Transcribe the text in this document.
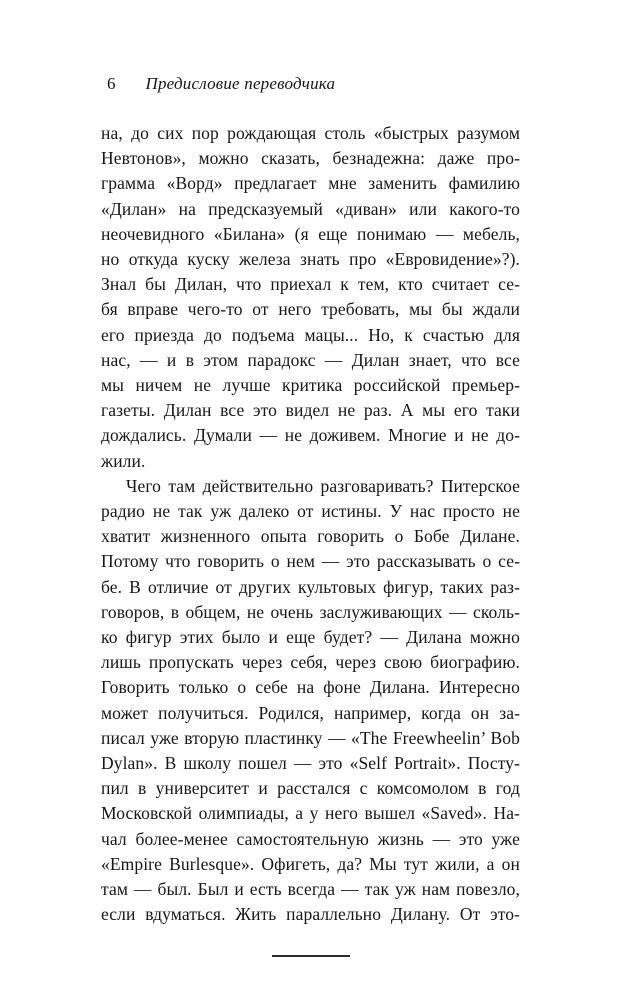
6 Предисловие переводчика
на, до сих пор рождающая столь «быстрых разумом
Невтонов», можно сказать, безнадежна: даже про-
грамма «Ворд» предлагает мне заменить фамилию
«Дилан» на предсказуемый «диван» или какого-то
неочевидного «Билана» (я еще понимаю — мебель,
но откуда куску железа знать про «Евровидение»?).
Знал бы Дилан, что приехал к тем, кто считает се-
бя вправе чего-то от него требовать, мы бы ждали
его приезда до подъема мацы... Но, к счастью для
нас, — и в этом парадокс — Дилан знает, что все
мы ничем не лучше критика российской премьер-
газеты. Дилан все это видел не раз. А мы его таки
дождались. Думали — не доживем. Многие и не до-
жили.
Чего там действительно разговаривать? Питерское
радио не так уж далеко от истины. У нас просто не
хватит жизненного опыта говорить о Бобе Дилане.
Потому что говорить о нем — это рассказывать о се-
бе. В отличие от других культовых фигур, таких раз-
говоров, в общем, не очень заслуживающих — сколь-
ко фигур этих было и еще будет? — Дилана можно
лишь пропускать через себя, через свою биографию.
Говорить только о себе на фоне Дилана. Интересно
может получиться. Родился, например, когда он за-
писал уже вторую пластинку — «The Freewheelin’ Bob
Dylan». В школу пошел — это «Self Portrait». Посту-
пил в университет и расстался с комсомолом в год
Московской олимпиады, а у него вышел «Saved». На-
чал более-менее самостоятельную жизнь — это уже
«Empire Burlesque». Офигеть, да? Мы тут жили, а он
там — был. Был и есть всегда — так уж нам повезло,
если вдуматься. Жить параллельно Дилану. От это-
